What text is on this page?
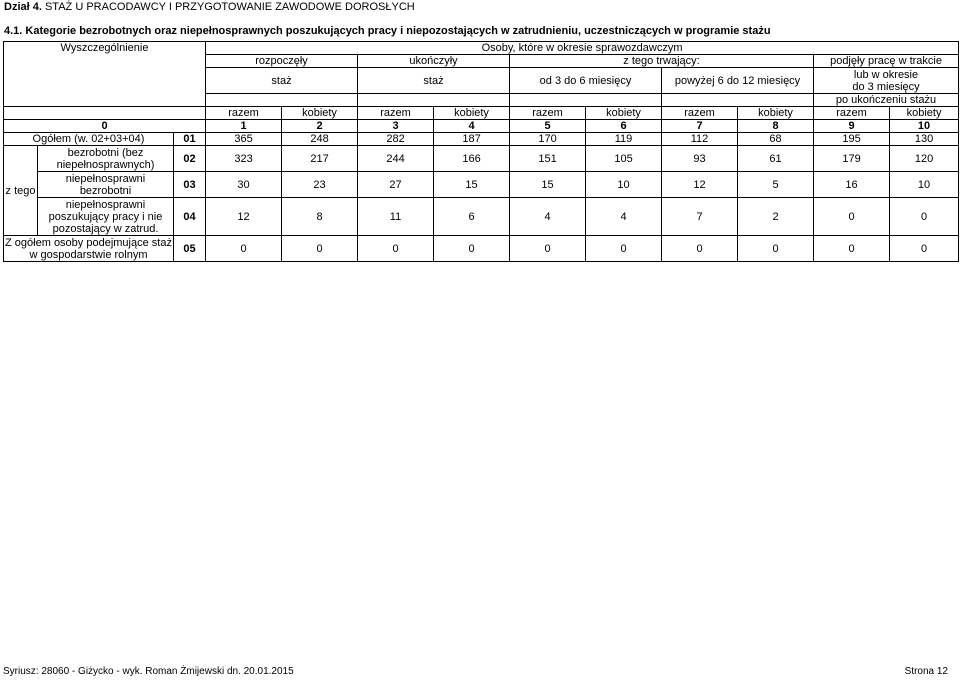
Dział 4. STAŻ U PRACODAWCY I PRZYGOTOWANIE ZAWODOWE DOROSŁYCH
4.1. Kategorie bezrobotnych oraz niepełnosprawnych poszukujących pracy i niepozostających w zatrudnieniu, uczestniczących w programie stażu
Wyszczególnienie			Osoby, które w okresie sprawozdawczym									
			rozpoczęły		ukończyły		z tego trwający:				podjęły pracę w trakcie	
			staż		staż		od 3 do 6 miesięcy		powyżej 6 do 12 miesięcy		lub w okresie
do 3 miesięcy	

											po ukończeniu stażu	
			razem	kobiety	razem	kobiety	razem	kobiety	razem	kobiety	razem	kobiety
0			1	2	3	4	5	6	7	8	9	10
Ogółem (w. 02+03+04)		01	365	248	282	187	170	119	112	68	195	130
z tego	bezrobotni (bez niepełnosprawnych)	02	323	217	244	166	151	105	93	61	179	120
	niepełnosprawni bezrobotni	03	30	23	27	15	15	10	12	5	16	10
	niepełnosprawni poszukujący pracy i nie pozostający w zatrud.	04	12	8	11	6	4	4	7	2	0	0
Z ogółem osoby podejmujące staż w gospodarstwie rolnym		05	0	0	0	0	0	0	0	0	0	0
Syriusz: 28060 - Giżycko - wyk. Roman Żmijewski dn. 20.01.2015	Strona 12
